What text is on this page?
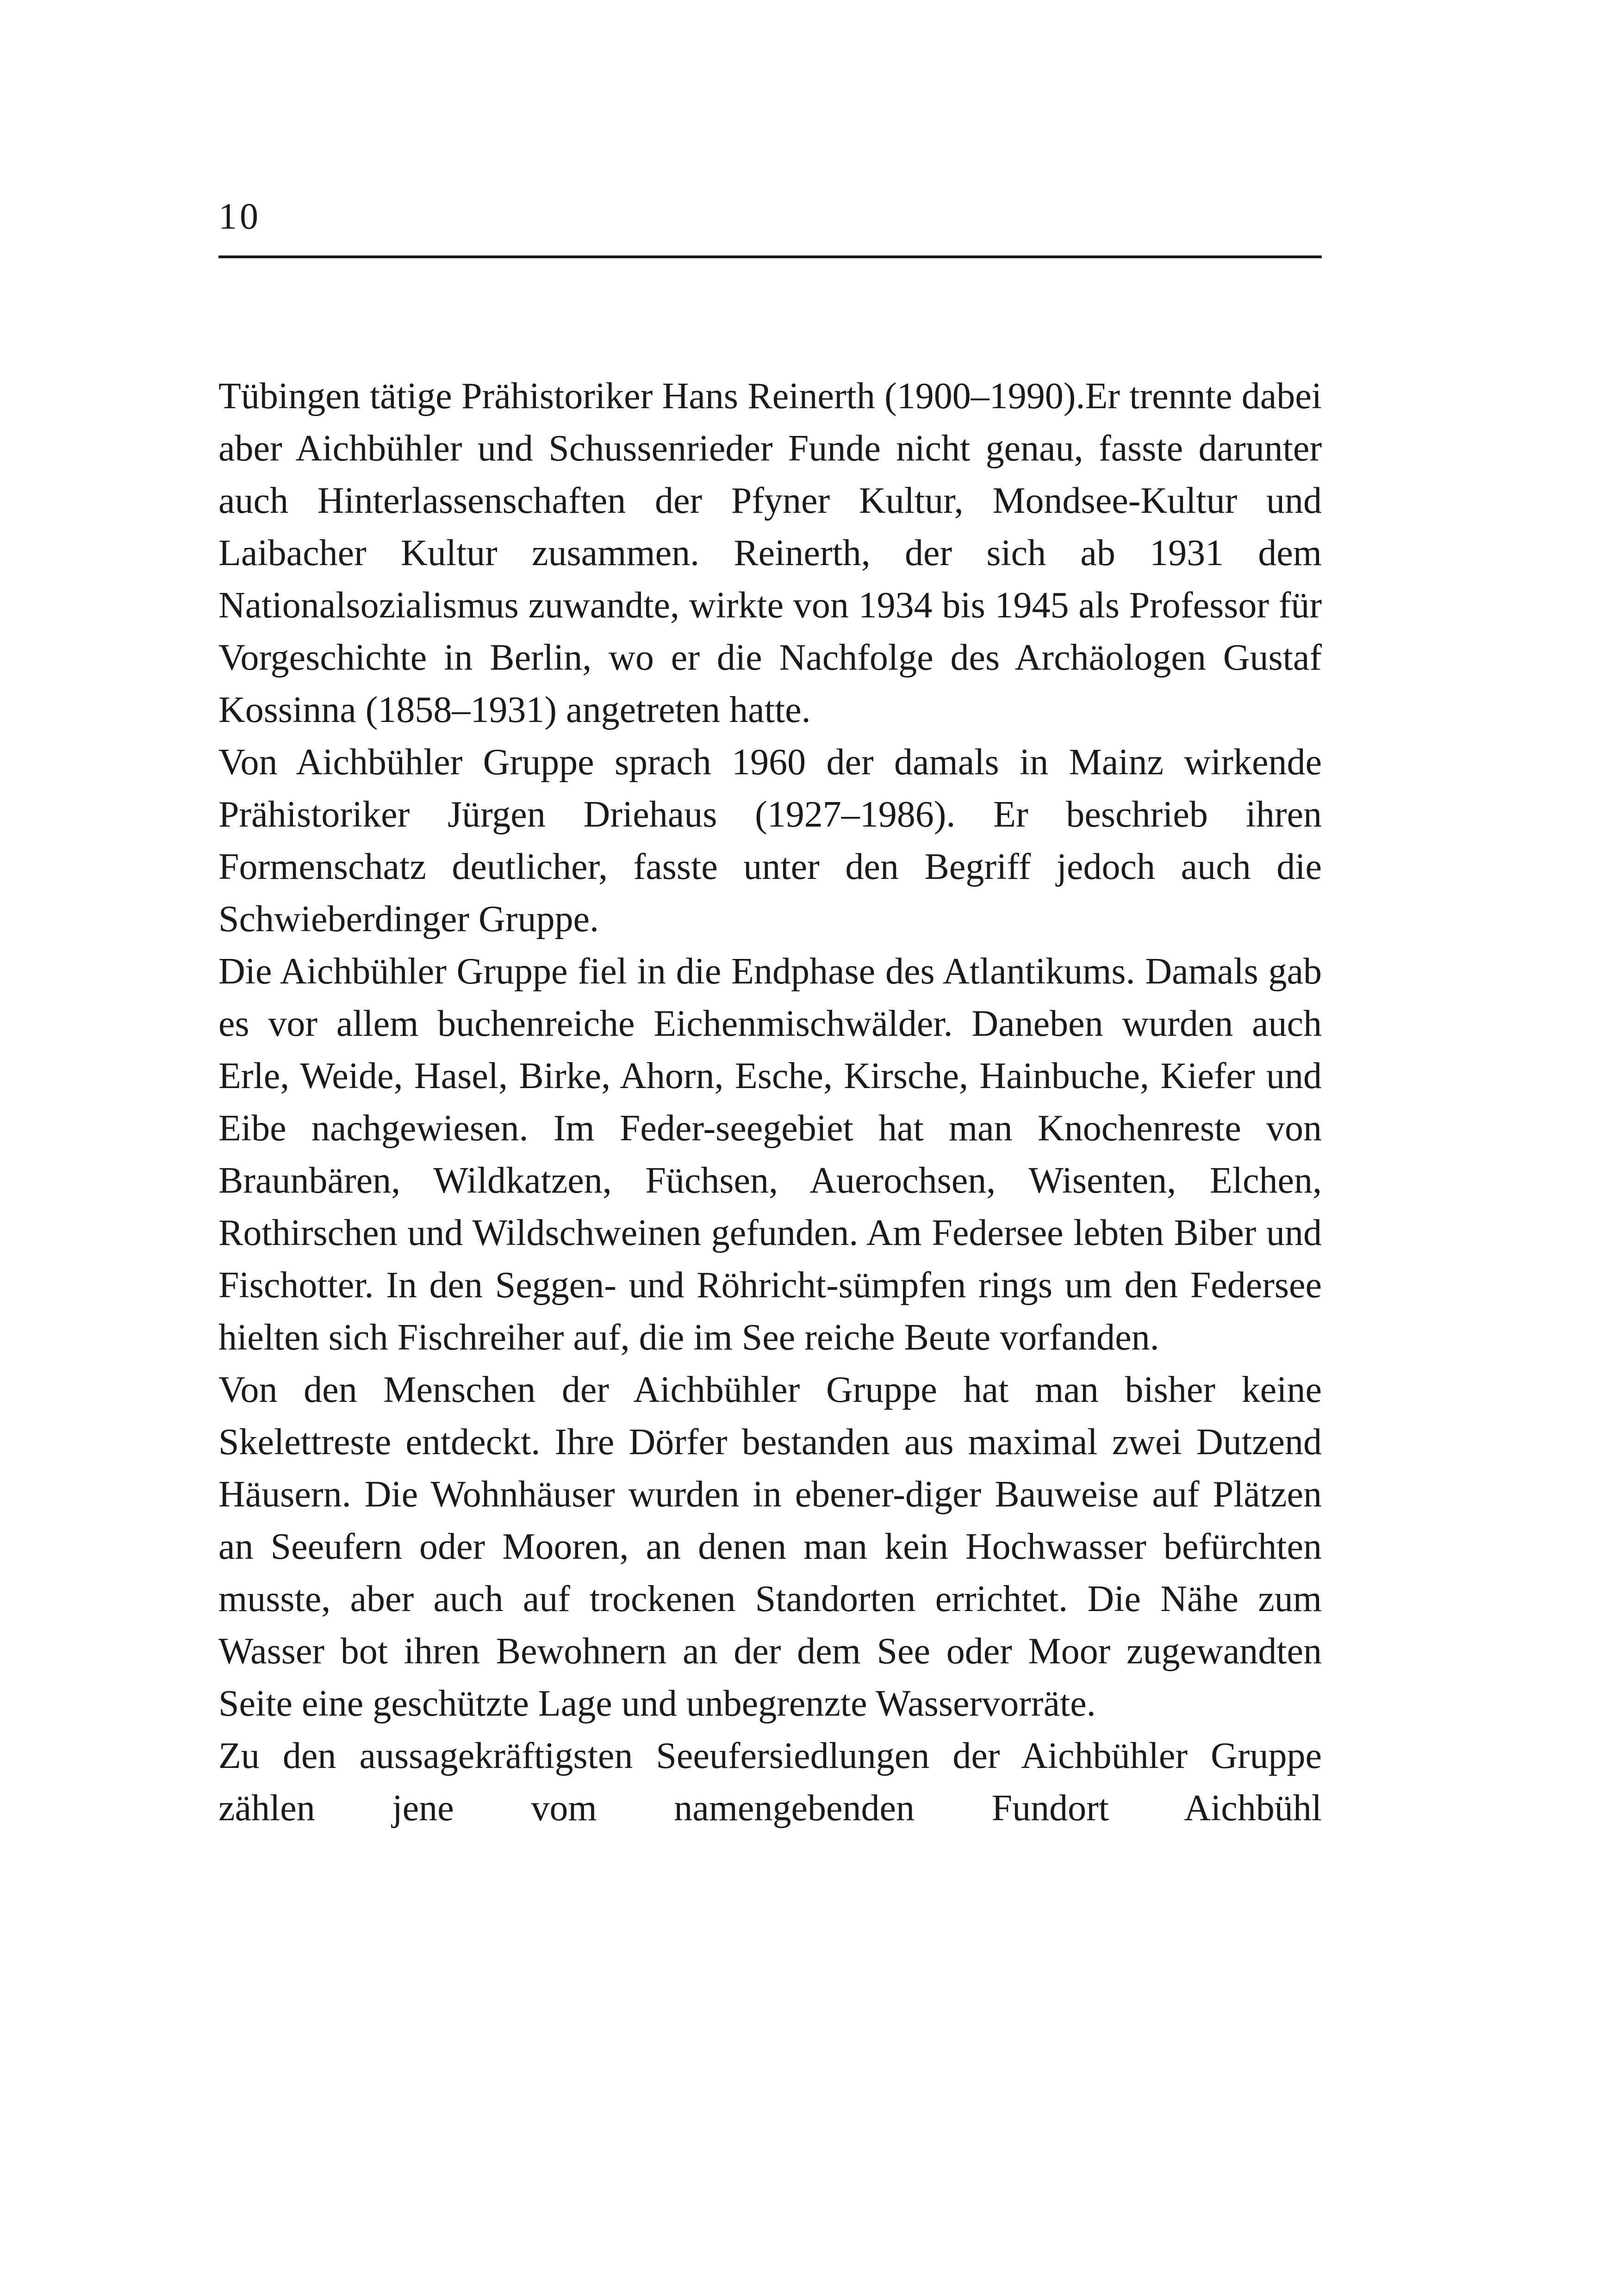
10

Tübingen tätige Prähistoriker Hans Reinerth (1900–1990).Er trennte dabei aber Aichbühler und Schussenrieder Funde nicht genau, fasste darunter auch Hinterlassenschaften der Pfyner Kultur, Mondsee-Kultur und Laibacher Kultur zusammen. Reinerth, der sich ab 1931 dem Nationalsozialismus zuwandte, wirkte von 1934 bis 1945 als Professor für Vorgeschichte in Berlin, wo er die Nachfolge des Archäologen Gustaf Kossinna (1858–1931) angetreten hatte.

Von Aichbühler Gruppe sprach 1960 der damals in Mainz wirkende Prähistoriker Jürgen Driehaus (1927–1986). Er beschrieb ihren Formenschatz deutlicher, fasste unter den Begriff jedoch auch die Schwieberdinger Gruppe.

Die Aichbühler Gruppe fiel in die Endphase des Atlantikums. Damals gab es vor allem buchenreiche Eichenmischwälder. Daneben wurden auch Erle, Weide, Hasel, Birke, Ahorn, Esche, Kirsche, Hainbuche, Kiefer und Eibe nachgewiesen. Im Feder-seegebiet hat man Knochenreste von Braunbären, Wildkatzen, Füchsen, Auerochsen, Wisenten, Elchen, Rothirschen und Wildschweinen gefunden. Am Federsee lebten Biber und Fischotter. In den Seggen- und Röhricht-sümpfen rings um den Federsee hielten sich Fischreiher auf, die im See reiche Beute vorfanden.

Von den Menschen der Aichbühler Gruppe hat man bisher keine Skelettreste entdeckt. Ihre Dörfer bestanden aus maximal zwei Dutzend Häusern. Die Wohnhäuser wurden in ebener-diger Bauweise auf Plätzen an Seeufern oder Mooren, an denen man kein Hochwasser befürchten musste, aber auch auf trockenen Standorten errichtet. Die Nähe zum Wasser bot ihren Bewohnern an der dem See oder Moor zugewandten Seite eine geschützte Lage und unbegrenzte Wasservorräte.

Zu den aussagekräftigsten Seeufersiedlungen der Aichbühler Gruppe zählen jene vom namengebenden Fundort Aichbühl
